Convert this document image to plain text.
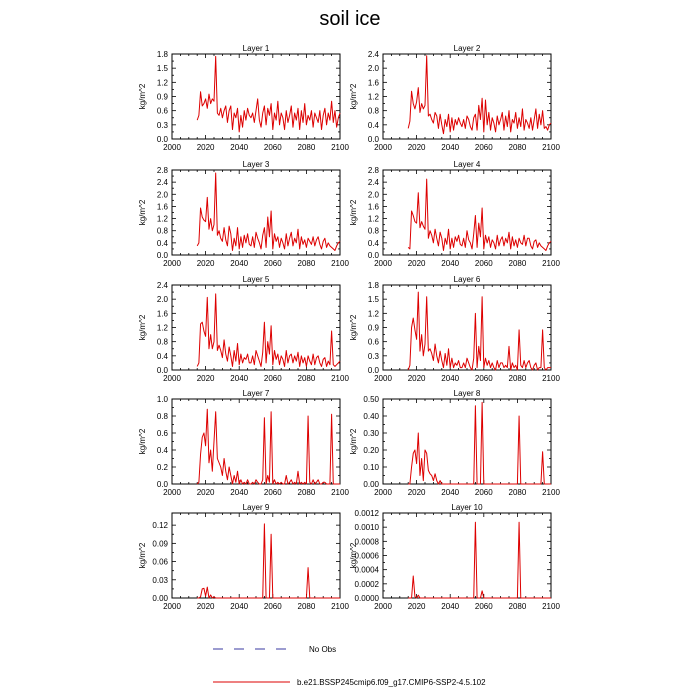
soil ice
Layer 1
kg/m^2
2000 2020 2040 2060 2080 2100
0.0
0.3
0.6
0.9
1.2
1.5
1.8
Layer 2
kg/m^2
2000 2020 2040 2060 2080 2100
0.0
0.4
0.8
1.2
1.6
2.0
2.4
Layer 3
kg/m^2
2000 2020 2040 2060 2080 2100
0.0
0.4
0.8
1.2
1.6
2.0
2.4
2.8
Layer 4
kg/m^2
2000 2020 2040 2060 2080 2100
0.0
0.4
0.8
1.2
1.6
2.0
2.4
2.8
Layer 5
kg/m^2
2000 2020 2040 2060 2080 2100
0.0
0.4
0.8
1.2
1.6
2.0
2.4
Layer 6
kg/m^2
2000 2020 2040 2060 2080 2100
0.0
0.3
0.6
0.9
1.2
1.5
1.8
Layer 7
kg/m^2
2000 2020 2040 2060 2080 2100
0.0
0.2
0.4
0.6
0.8
1.0
Layer 8
kg/m^2
2000 2020 2040 2060 2080 2100
0.00
0.10
0.20
0.30
0.40
0.50
Layer 9
kg/m^2
2000 2020 2040 2060 2080 2100
0.00
0.03
0.06
0.09
0.12
Layer 10
kg/m^2
2000 2020 2040 2060 2080 2100
0.0000
0.0002
0.0004
0.0006
0.0008
0.0010
0.0012
No Obs
b.e21.BSSP245cmip6.f09_g17.CMIP6-SSP2-4.5.102
